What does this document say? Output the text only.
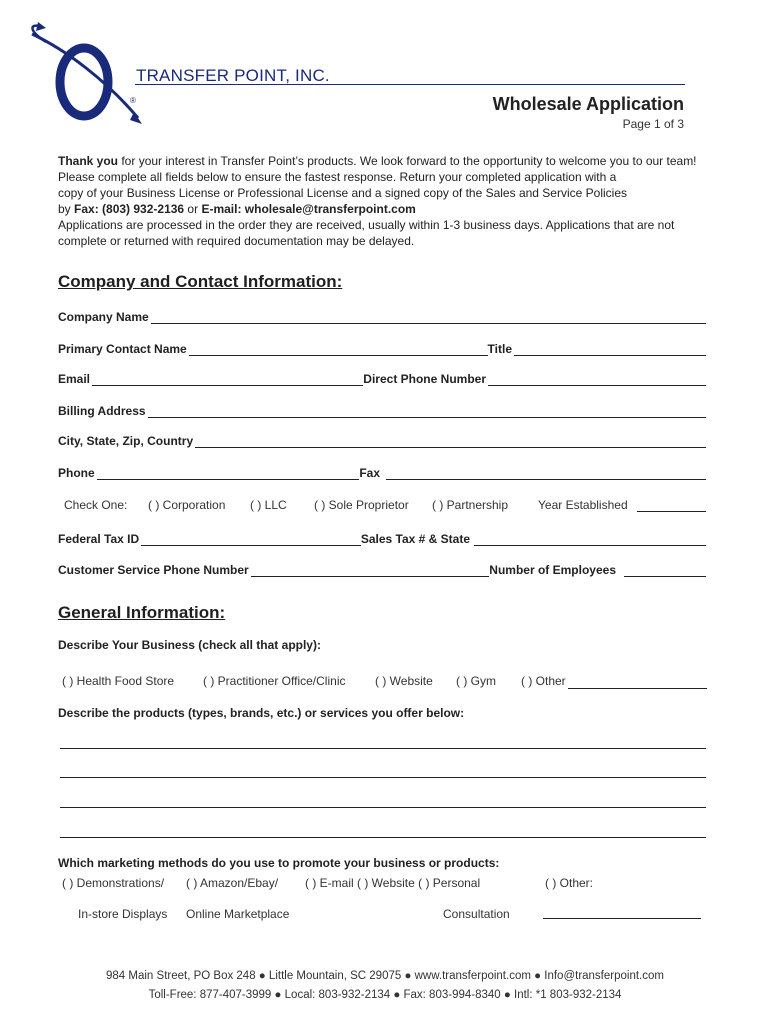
TRANSFER POINT, INC.
®	Wholesale Application
Page 1 of 3
Thank you for your interest in Transfer Point’s products. We look forward to the opportunity to welcome you to our team!
Please complete all fields below to ensure the fastest response. Return your completed application with a
copy of your Business License or Professional License and a signed copy of the Sales and Service Policies
by Fax: (803) 932-2136 or E-mail: wholesale@transferpoint.com
Applications are processed in the order they are received, usually within 1-3 business days. Applications that are not
complete or returned with required documentation may be delayed.
Company and Contact Information:
Company Name
Primary Contact Name	Title
Email	Direct Phone Number
Billing Address
City, State, Zip, Country
Phone	Fax
Check One: ( ) Corporation ( ) LLC ( ) Sole Proprietor ( ) Partnership Year Established
Federal Tax ID	Sales Tax # & State
Customer Service Phone Number	Number of Employees
General Information:
Describe Your Business (check all that apply):
( ) Health Food Store ( ) Practitioner Office/Clinic ( ) Website ( ) Gym ( ) Other
Describe the products (types, brands, etc.) or services you offer below:
Which marketing methods do you use to promote your business or products:
( ) Demonstrations/
In-store Displays
( ) Amazon/Ebay/
Online Marketplace
( ) E-mail ( ) Website ( ) Personal
Consultation
( ) Other:
984 Main Street, PO Box 248 ● Little Mountain, SC 29075 ● www.transferpoint.com ● Info@transferpoint.com
Toll-Free: 877-407-3999 ● Local: 803-932-2134 ● Fax: 803-994-8340 ● Intl: *1 803-932-2134
